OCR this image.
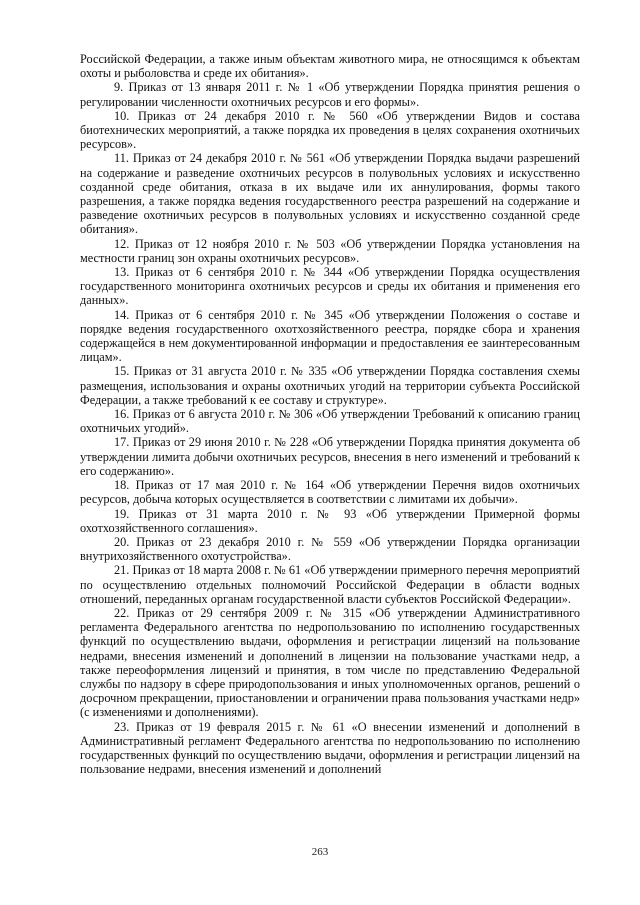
Российской Федерации, а также иным объектам животного мира, не относящимся к объектам охоты и рыболовства и среде их обитания».

9. Приказ от 13 января 2011 г. № 1 «Об утверждении Порядка принятия решения о регулировании численности охотничьих ресурсов и его формы».

10. Приказ от 24 декабря 2010 г. № 560 «Об утверждении Видов и состава биотехнических мероприятий, а также порядка их проведения в целях сохранения охотничьих ресурсов».

11. Приказ от 24 декабря 2010 г. № 561 «Об утверждении Порядка выдачи разрешений на содержание и разведение охотничьих ресурсов в полувольных условиях и искусственно созданной среде обитания, отказа в их выдаче или их аннулирования, формы такого разрешения, а также порядка ведения государственного реестра разрешений на содержание и разведение охотничьих ресурсов в полувольных условиях и искусственно созданной среде обитания».

12. Приказ от 12 ноября 2010 г. № 503 «Об утверждении Порядка установления на местности границ зон охраны охотничьих ресурсов».

13. Приказ от 6 сентября 2010 г. № 344 «Об утверждении Порядка осуществления государственного мониторинга охотничьих ресурсов и среды их обитания и применения его данных».

14. Приказ от 6 сентября 2010 г. № 345 «Об утверждении Положения о составе и порядке ведения государственного охотхозяйственного реестра, порядке сбора и хранения содержащейся в нем документированной информации и предоставления ее заинтересованным лицам».

15. Приказ от 31 августа 2010 г. № 335 «Об утверждении Порядка составления схемы размещения, использования и охраны охотничьих угодий на территории субъекта Российской Федерации, а также требований к ее составу и структуре».

16. Приказ от 6 августа 2010 г. № 306 «Об утверждении Требований к описанию границ охотничьих угодий».

17. Приказ от 29 июня 2010 г. № 228 «Об утверждении Порядка принятия документа об утверждении лимита добычи охотничьих ресурсов, внесения в него изменений и требований к его содержанию».

18. Приказ от 17 мая 2010 г. № 164 «Об утверждении Перечня видов охотничьих ресурсов, добыча которых осуществляется в соответствии с лимитами их добычи».

19. Приказ от 31 марта 2010 г. № 93 «Об утверждении Примерной формы охотхозяйственного соглашения».

20. Приказ от 23 декабря 2010 г. № 559 «Об утверждении Порядка организации внутрихозяйственного охотустройства».

21. Приказ от 18 марта 2008 г. № 61 «Об утверждении примерного перечня мероприятий по осуществлению отдельных полномочий Российской Федерации в области водных отношений, переданных органам государственной власти субъектов Российской Федерации».

22. Приказ от 29 сентября 2009 г. № 315 «Об утверждении Административного регламента Федерального агентства по недропользованию по исполнению государственных функций по осуществлению выдачи, оформления и регистрации лицензий на пользование недрами, внесения изменений и дополнений в лицензии на пользование участками недр, а также переоформления лицензий и принятия, в том числе по представлению Федеральной службы по надзору в сфере природопользования и иных уполномоченных органов, решений о досрочном прекращении, приостановлении и ограничении права пользования участками недр» (с изменениями и дополнениями).

23. Приказ от 19 февраля 2015 г. № 61 «О внесении изменений и дополнений в Административный регламент Федерального агентства по недропользованию по исполнению государственных функций по осуществлению выдачи, оформления и регистрации лицензий на пользование недрами, внесения изменений и дополнений

263
